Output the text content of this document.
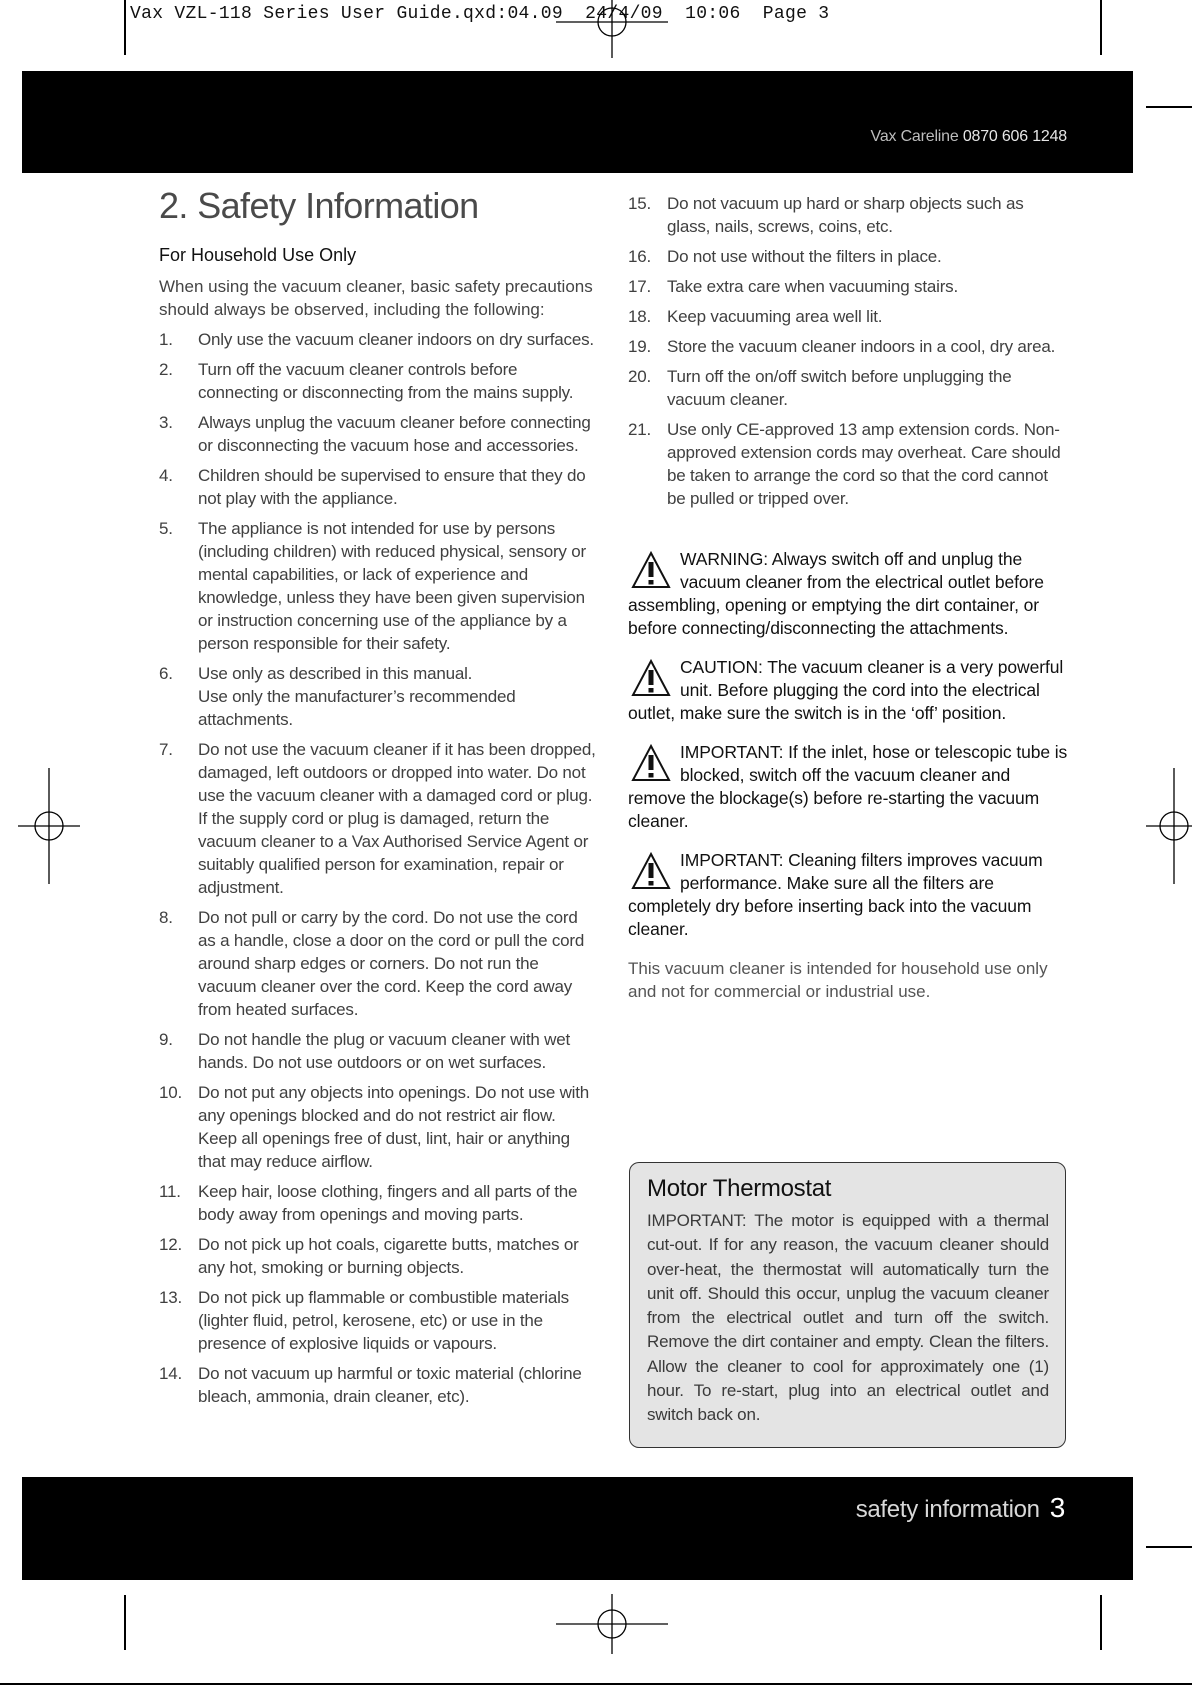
Vax VZL-118 Series User Guide.qxd:04.09  24/4/09  10:06  Page 3
Vax Careline 0870 606 1248
2. Safety Information
For Household Use Only
When using the vacuum cleaner, basic safety precautions should always be observed, including the following:
1. Only use the vacuum cleaner indoors on dry surfaces.
2. Turn off the vacuum cleaner controls before connecting or disconnecting from the mains supply.
3. Always unplug the vacuum cleaner before connecting or disconnecting the vacuum hose and accessories.
4. Children should be supervised to ensure that they do not play with the appliance.
5. The appliance is not intended for use by persons (including children) with reduced physical, sensory or mental capabilities, or lack of experience and knowledge, unless they have been given supervision or instruction concerning use of the appliance by a person responsible for their safety.
6. Use only as described in this manual.
Use only the manufacturer’s recommended attachments.
7. Do not use the vacuum cleaner if it has been dropped, damaged, left outdoors or dropped into water. Do not use the vacuum cleaner with a damaged cord or plug. If the supply cord or plug is damaged, return the vacuum cleaner to a Vax Authorised Service Agent or suitably qualified person for examination, repair or adjustment.
8. Do not pull or carry by the cord. Do not use the cord as a handle, close a door on the cord or pull the cord around sharp edges or corners. Do not run the vacuum cleaner over the cord. Keep the cord away from heated surfaces.
9. Do not handle the plug or vacuum cleaner with wet hands. Do not use outdoors or on wet surfaces.
10. Do not put any objects into openings. Do not use with any openings blocked and do not restrict air flow. Keep all openings free of dust, lint, hair or anything that may reduce airflow.
11. Keep hair, loose clothing, fingers and all parts of the body away from openings and moving parts.
12. Do not pick up hot coals, cigarette butts, matches or any hot, smoking or burning objects.
13. Do not pick up flammable or combustible materials (lighter fluid, petrol, kerosene, etc) or use in the presence of explosive liquids or vapours.
14. Do not vacuum up harmful or toxic material (chlorine bleach, ammonia, drain cleaner, etc).
15. Do not vacuum up hard or sharp objects such as glass, nails, screws, coins, etc.
16. Do not use without the filters in place.
17. Take extra care when vacuuming stairs.
18. Keep vacuuming area well lit.
19. Store the vacuum cleaner indoors in a cool, dry area.
20. Turn off the on/off switch before unplugging the vacuum cleaner.
21. Use only CE-approved 13 amp extension cords. Non-approved extension cords may overheat. Care should be taken to arrange the cord so that the cord cannot be pulled or tripped over.
WARNING: Always switch off and unplug the vacuum cleaner from the electrical outlet before assembling, opening or emptying the dirt container, or before connecting/disconnecting the attachments.
CAUTION: The vacuum cleaner is a very powerful unit. Before plugging the cord into the electrical outlet, make sure the switch is in the ‘off’ position.
IMPORTANT: If the inlet, hose or telescopic tube is blocked, switch off the vacuum cleaner and remove the blockage(s) before re-starting the vacuum cleaner.
IMPORTANT: Cleaning filters improves vacuum performance. Make sure all the filters are completely dry before inserting back into the vacuum cleaner.
This vacuum cleaner is intended for household use only and not for commercial or industrial use.
Motor Thermostat

IMPORTANT: The motor is equipped with a thermal cut-out. If for any reason, the vacuum cleaner should over-heat, the thermostat will automatically turn the unit off. Should this occur, unplug the vacuum cleaner from the electrical outlet and turn off the switch. Remove the dirt container and empty. Clean the filters. Allow the cleaner to cool for approximately one (1) hour. To re-start, plug into an electrical outlet and switch back on.

safety information 3
